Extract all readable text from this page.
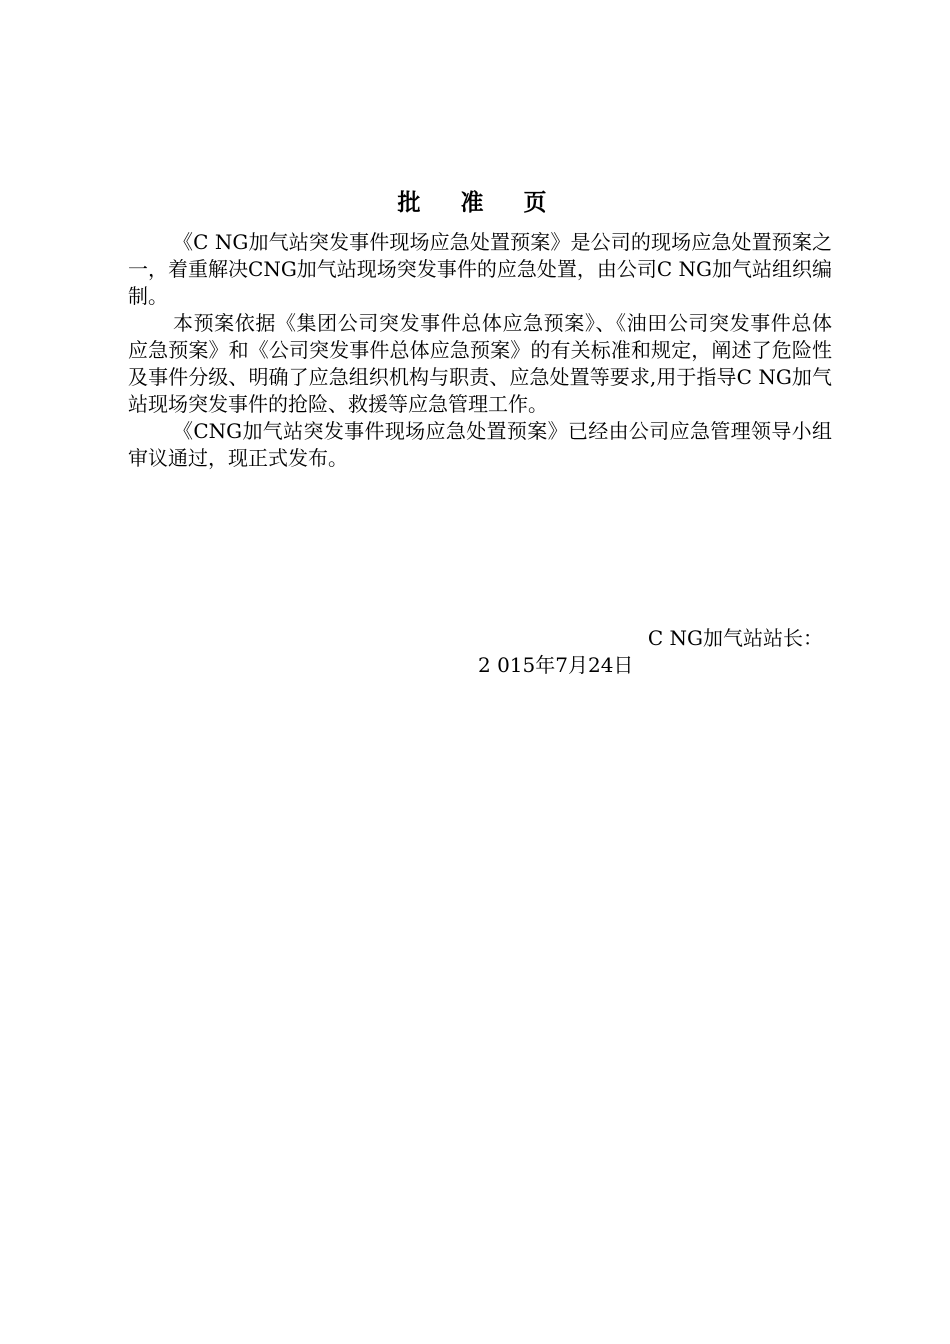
批 准 页

《C NG加气站突发事件现场应急处置预案》是公司的现场应急处置预案之一，着重解决CNG加气站现场突发事件的应急处置，由公司C NG加气站组织编制。

本预案依据《集团公司突发事件总体应急预案》、《油田公司突发事件总体应急预案》和《公司突发事件总体应急预案》的有关标准和规定，阐述了危险性及事件分级、明确了应急组织机构与职责、应急处置等要求,用于指导C NG加气站现场突发事件的抢险、救援等应急管理工作。

《CNG加气站突发事件现场应急处置预案》已经由公司应急管理领导小组审议通过，现正式发布。

C NG加气站站长：
2 015年7月24日
